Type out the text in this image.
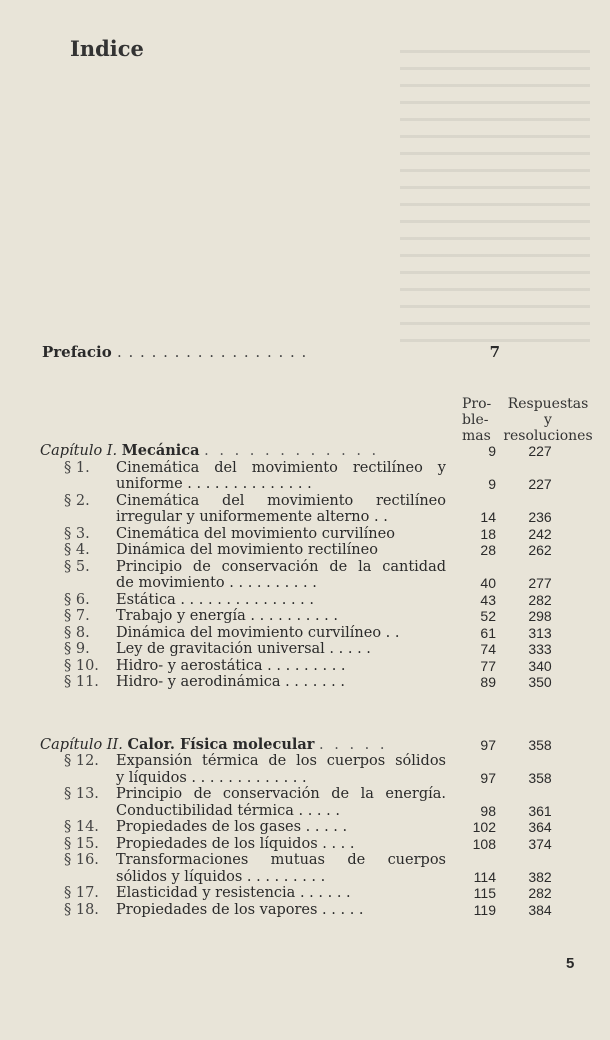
Indice
Prefacio . . . . . . . . . . . . . . . . .	7
Pro-
ble-
mas
Respuestas
y
resoluciones
Capítulo I. Mecánica . . . . . . . . . . . .	9	227
§ 1.	Cinemática del movimiento rectilíneo y
uniforme . . . . . . . . . . . . . .	9	227
§ 2.	Cinemática del movimiento rectilíneo
irregular y uniformemente alterno . .	14	236
§ 3.	Cinemática del movimiento curvilíneo	18	242
§ 4.	Dinámica del movimiento rectilíneo	28	262
§ 5.	Principio de conservación de la cantidad
de movimiento . . . . . . . . . .	40	277
§ 6.	Estática . . . . . . . . . . . . . . .	43	282
§ 7.	Trabajo y energía . . . . . . . . . .	52	298
§ 8.	Dinámica del movimiento curvilíneo . .	61	313
§ 9.	Ley de gravitación universal . . . . .	74	333
§ 10.	Hidro- y aerostática . . . . . . . . .	77	340
§ 11.	Hidro- y aerodinámica . . . . . . .	89	350
Capítulo II. Calor. Física molecular . . . . .	97	358
§ 12.	Expansión térmica de los cuerpos sólidos
y líquidos . . . . . . . . . . . . .	97	358
§ 13.	Principio de conservación de la energía.
Conductibilidad térmica . . . . .	98	361
§ 14.	Propiedades de los gases . . . . .	102	364
§ 15.	Propiedades de los líquidos . . . .	108	374
§ 16.	Transformaciones mutuas de cuerpos
sólidos y líquidos . . . . . . . . .	114	382
§ 17.	Elasticidad y resistencia . . . . . .	115	282
§ 18.	Propiedades de los vapores . . . . .	119	384
5
